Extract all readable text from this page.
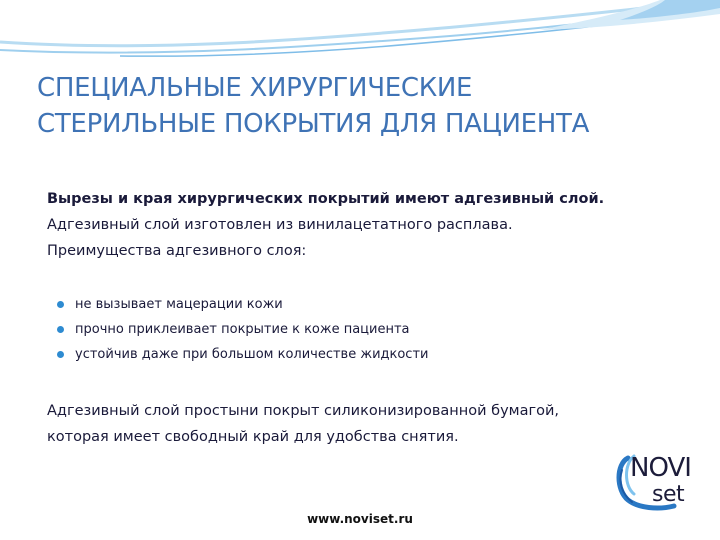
СПЕЦИАЛЬНЫЕ ХИРУРГИЧЕСКИЕ
СТЕРИЛЬНЫЕ ПОКРЫТИЯ ДЛЯ ПАЦИЕНТА

Вырезы и края хирургических покрытий имеют адгезивный слой.

Адгезивный слой изготовлен из винилацетатного расплава.

Преимущества адгезивного слоя:

не вызывает мацерации кожи
прочно приклеивает покрытие к коже пациента
устойчив даже при большом количестве жидкости

Адгезивный слой простыни покрыт силиконизированной бумагой,

которая имеет свободный край для удобства снятия.

NOVI
set
www.noviset.ru
